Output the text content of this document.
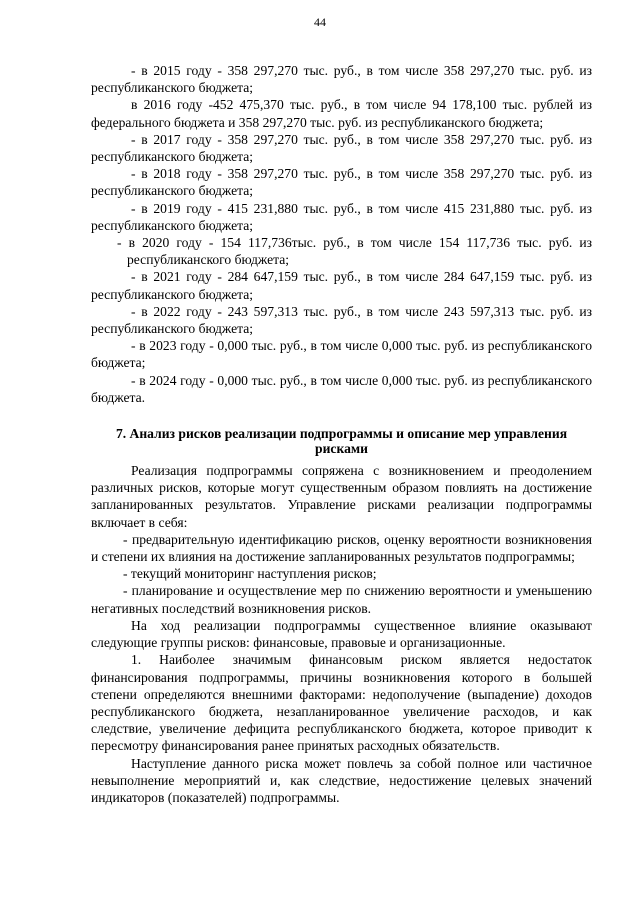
44

- в 2015 году - 358 297,270 тыс. руб., в том числе 358 297,270 тыс. руб. из республиканского бюджета;

в 2016 году -452 475,370 тыс. руб., в том числе 94 178,100 тыс. рублей из федерального бюджета и 358 297,270 тыс. руб. из республиканского бюджета;

- в 2017 году - 358 297,270 тыс. руб., в том числе 358 297,270 тыс. руб. из республиканского бюджета;

- в 2018 году - 358 297,270 тыс. руб., в том числе 358 297,270 тыс. руб. из республиканского бюджета;

- в 2019 году - 415 231,880 тыс. руб., в том числе 415 231,880 тыс. руб. из республиканского бюджета;

- в 2020 году - 154 117,736тыс. руб., в том числе 154 117,736 тыс. руб. из республиканского бюджета;

- в 2021 году - 284 647,159 тыс. руб., в том числе 284 647,159 тыс. руб. из республиканского бюджета;

- в 2022 году - 243 597,313 тыс. руб., в том числе 243 597,313 тыс. руб. из республиканского бюджета;

- в 2023 году - 0,000 тыс. руб., в том числе 0,000 тыс. руб. из республиканского бюджета;

- в 2024 году - 0,000 тыс. руб., в том числе 0,000 тыс. руб. из республиканского бюджета.

7. Анализ рисков реализации подпрограммы и описание мер управления рисками

Реализация подпрограммы сопряжена с возникновением и преодолением различных рисков, которые могут существенным образом повлиять на достижение запланированных результатов. Управление рисками реализации подпрограммы включает в себя:

- предварительную идентификацию рисков, оценку вероятности возникновения и степени их влияния на достижение запланированных результатов подпрограммы;

- текущий мониторинг наступления рисков;

- планирование и осуществление мер по снижению вероятности и уменьшению негативных последствий возникновения рисков.

На ход реализации подпрограммы существенное влияние оказывают следующие группы рисков: финансовые, правовые и организационные.

1. Наиболее значимым финансовым риском является недостаток финансирования подпрограммы, причины возникновения которого в большей степени определяются внешними факторами: недополучение (выпадение) доходов республиканского бюджета, незапланированное увеличение расходов, и как следствие, увеличение дефицита республиканского бюджета, которое приводит к пересмотру финансирования ранее принятых расходных обязательств.

Наступление данного риска может повлечь за собой полное или частичное невыполнение мероприятий и, как следствие, недостижение целевых значений индикаторов (показателей) подпрограммы.
